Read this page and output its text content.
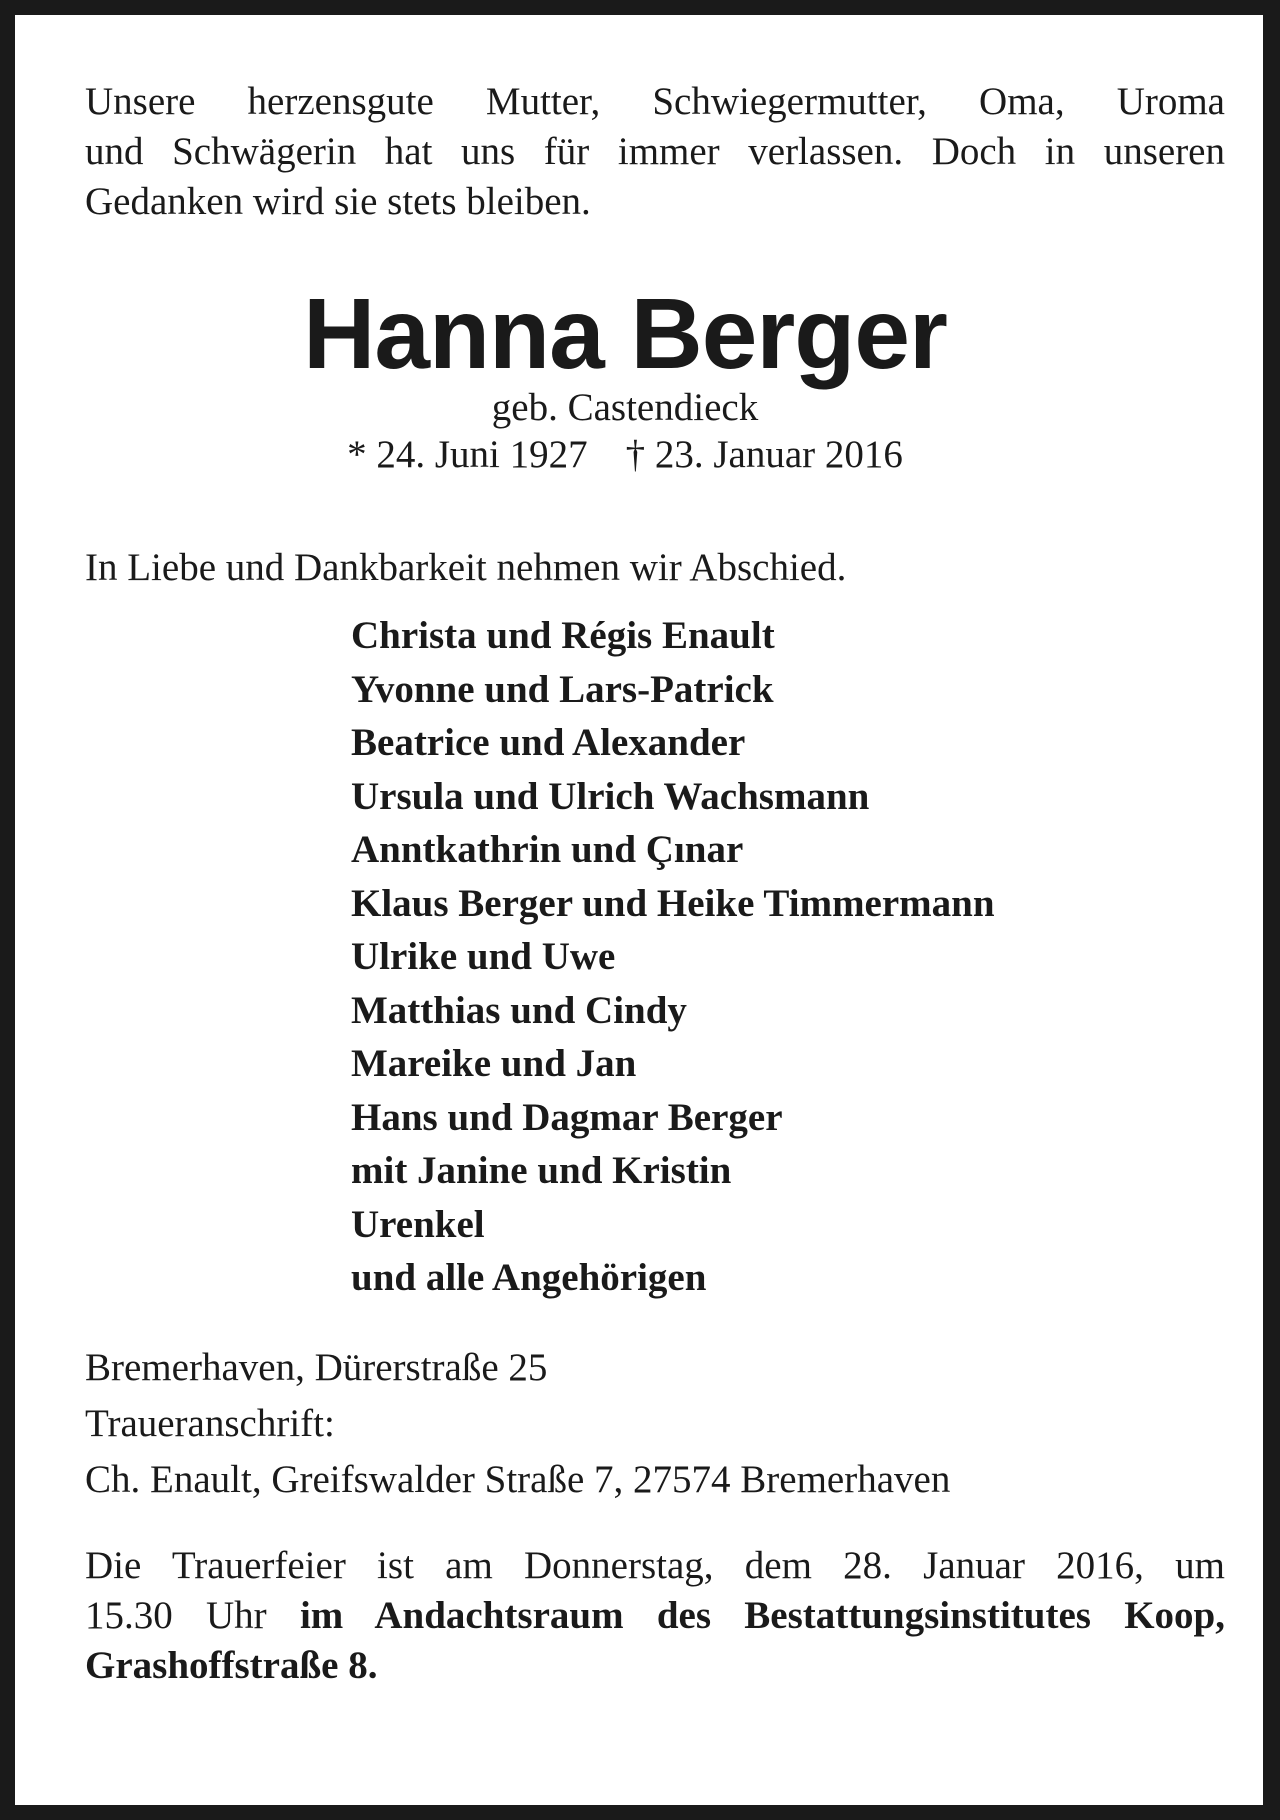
Unsere herzensgute Mutter, Schwiegermutter, Oma, Uroma
und Schwägerin hat uns für immer verlassen. Doch in unseren
Gedanken wird sie stets bleiben.

Hanna Berger
geb. Castendieck
* 24. Juni 1927 † 23. Januar 2016

In Liebe und Dankbarkeit nehmen wir Abschied.

Christa und Régis Enault
Yvonne und Lars-Patrick
Beatrice und Alexander
Ursula und Ulrich Wachsmann
Anntkathrin und Çınar
Klaus Berger und Heike Timmermann
Ulrike und Uwe
Matthias und Cindy
Mareike und Jan
Hans und Dagmar Berger
mit Janine und Kristin
Urenkel
und alle Angehörigen

Bremerhaven, Dürerstraße 25

Traueranschrift:

Ch. Enault, Greifswalder Straße 7, 27574 Bremerhaven

Die Trauerfeier ist am Donnerstag, dem 28. Januar 2016, um
15.30 Uhr im Andachtsraum des Bestattungsinstitutes Koop,
Grashoffstraße 8.
